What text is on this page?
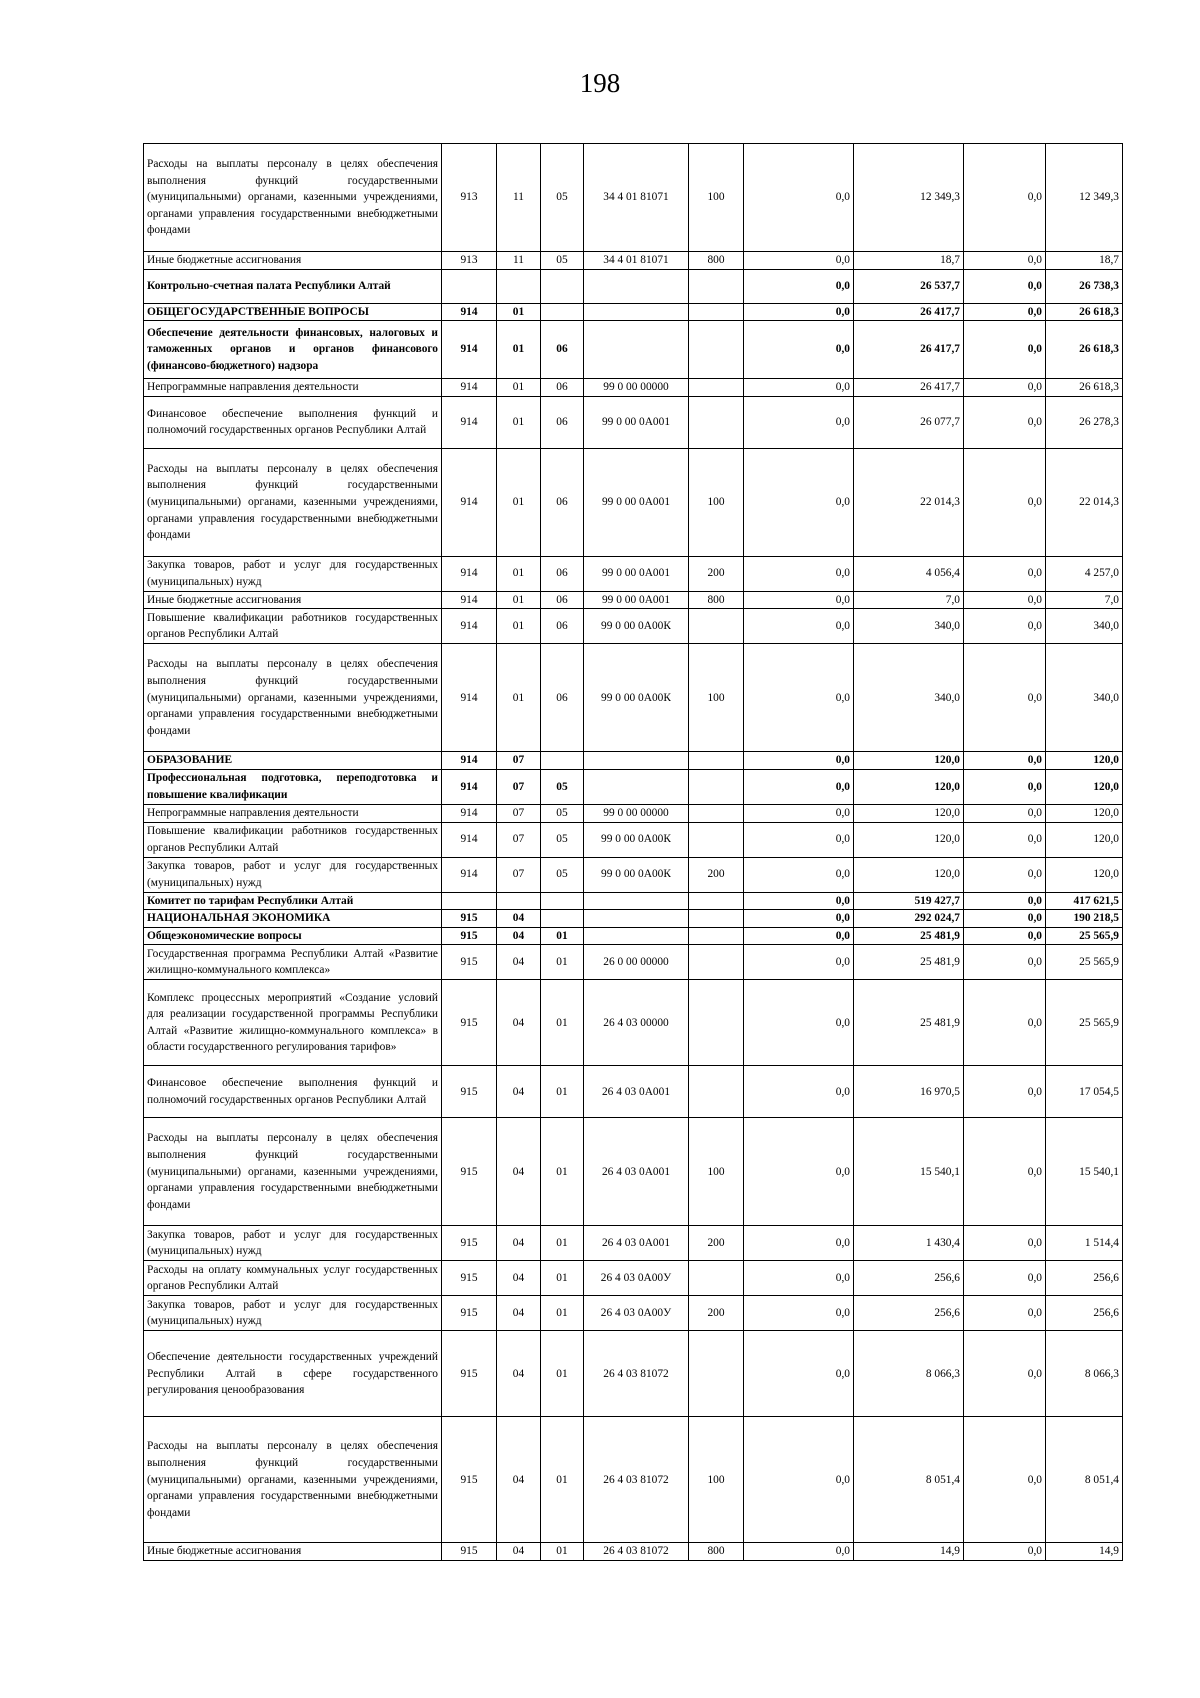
198
Расходы на выплаты персоналу в целях обеспечения выполнения функций государственными (муниципальными) органами, казенными учреждениями, органами управления государственными внебюджетными фондами	913	11	05	34 4 01 81071	100	0,0	12 349,3	0,0	12 349,3
Иные бюджетные ассигнования	913	11	05	34 4 01 81071	800	0,0	18,7	0,0	18,7
Контрольно-счетная палата Республики Алтай						0,0	26 537,7	0,0	26 738,3
ОБЩЕГОСУДАРСТВЕННЫЕ ВОПРОСЫ	914	01				0,0	26 417,7	0,0	26 618,3
Обеспечение деятельности финансовых, налоговых и таможенных органов и органов финансового (финансово-бюджетного) надзора	914	01	06			0,0	26 417,7	0,0	26 618,3
Непрограммные направления деятельности	914	01	06	99 0 00 00000		0,0	26 417,7	0,0	26 618,3
Финансовое обеспечение выполнения функций и полномочий государственных органов Республики Алтай	914	01	06	99 0 00 0А001		0,0	26 077,7	0,0	26 278,3
Расходы на выплаты персоналу в целях обеспечения выполнения функций государственными (муниципальными) органами, казенными учреждениями, органами управления государственными внебюджетными фондами	914	01	06	99 0 00 0А001	100	0,0	22 014,3	0,0	22 014,3
Закупка товаров, работ и услуг для государственных (муниципальных) нужд	914	01	06	99 0 00 0А001	200	0,0	4 056,4	0,0	4 257,0
Иные бюджетные ассигнования	914	01	06	99 0 00 0А001	800	0,0	7,0	0,0	7,0
Повышение квалификации работников государственных органов Республики Алтай	914	01	06	99 0 00 0А00К		0,0	340,0	0,0	340,0
Расходы на выплаты персоналу в целях обеспечения выполнения функций государственными (муниципальными) органами, казенными учреждениями, органами управления государственными внебюджетными фондами	914	01	06	99 0 00 0А00К	100	0,0	340,0	0,0	340,0
ОБРАЗОВАНИЕ	914	07				0,0	120,0	0,0	120,0
Профессиональная подготовка, переподготовка и повышение квалификации	914	07	05			0,0	120,0	0,0	120,0
Непрограммные направления деятельности	914	07	05	99 0 00 00000		0,0	120,0	0,0	120,0
Повышение квалификации работников государственных органов Республики Алтай	914	07	05	99 0 00 0А00К		0,0	120,0	0,0	120,0
Закупка товаров, работ и услуг для государственных (муниципальных) нужд	914	07	05	99 0 00 0А00К	200	0,0	120,0	0,0	120,0
Комитет по тарифам Республики Алтай						0,0	519 427,7	0,0	417 621,5
НАЦИОНАЛЬНАЯ ЭКОНОМИКА	915	04				0,0	292 024,7	0,0	190 218,5
Общеэкономические вопросы	915	04	01			0,0	25 481,9	0,0	25 565,9
Государственная программа Республики Алтай «Развитие жилищно-коммунального комплекса»	915	04	01	26 0 00 00000		0,0	25 481,9	0,0	25 565,9
Комплекс процессных мероприятий «Создание условий для реализации государственной программы Республики Алтай «Развитие жилищно-коммунального комплекса» в области государственного регулирования тарифов»	915	04	01	26 4 03 00000		0,0	25 481,9	0,0	25 565,9
Финансовое обеспечение выполнения функций и полномочий государственных органов Республики Алтай	915	04	01	26 4 03 0А001		0,0	16 970,5	0,0	17 054,5
Расходы на выплаты персоналу в целях обеспечения выполнения функций государственными (муниципальными) органами, казенными учреждениями, органами управления государственными внебюджетными фондами	915	04	01	26 4 03 0А001	100	0,0	15 540,1	0,0	15 540,1
Закупка товаров, работ и услуг для государственных (муниципальных) нужд	915	04	01	26 4 03 0А001	200	0,0	1 430,4	0,0	1 514,4
Расходы на оплату коммунальных услуг государственных органов Республики Алтай	915	04	01	26 4 03 0А00У		0,0	256,6	0,0	256,6
Закупка товаров, работ и услуг для государственных (муниципальных) нужд	915	04	01	26 4 03 0А00У	200	0,0	256,6	0,0	256,6
Обеспечение деятельности государственных учреждений Республики Алтай в сфере государственного регулирования ценообразования	915	04	01	26 4 03 81072		0,0	8 066,3	0,0	8 066,3
Расходы на выплаты персоналу в целях обеспечения выполнения функций государственными (муниципальными) органами, казенными учреждениями, органами управления государственными внебюджетными фондами	915	04	01	26 4 03 81072	100	0,0	8 051,4	0,0	8 051,4
Иные бюджетные ассигнования	915	04	01	26 4 03 81072	800	0,0	14,9	0,0	14,9
